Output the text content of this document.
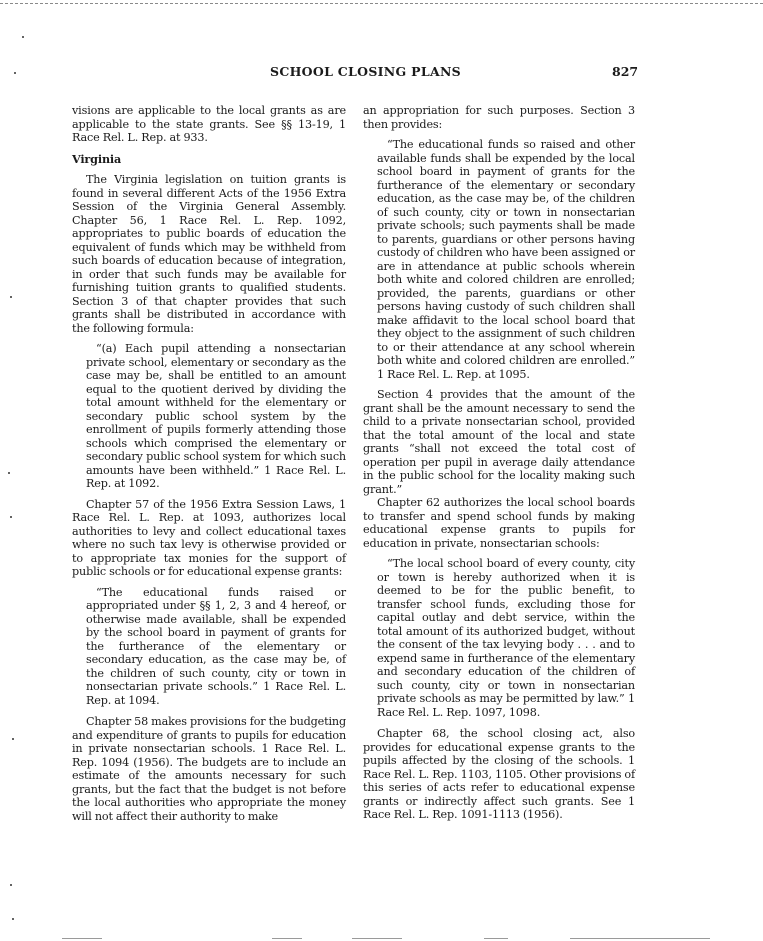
SCHOOL CLOSING PLANS	827

visions are applicable to the local grants as are applicable to the state grants. See §§ 13-19, 1 Race Rel. L. Rep. at 933.

Virginia

The Virginia legislation on tuition grants is found in several different Acts of the 1956 Extra Session of the Virginia General Assembly. Chapter 56, 1 Race Rel. L. Rep. 1092, appropriates to public boards of education the equivalent of funds which may be withheld from such boards of education because of integration, in order that such funds may be available for furnishing tuition grants to qualified students. Section 3 of that chapter provides that such grants shall be distributed in accordance with the following formula:

“(a) Each pupil attending a nonsectarian private school, elementary or secondary as the case may be, shall be entitled to an amount equal to the quotient derived by dividing the total amount withheld for the elementary or secondary public school system by the enrollment of pupils formerly attending those schools which comprised the elementary or secondary public school system for which such amounts have been withheld.” 1 Race Rel. L. Rep. at 1092.

Chapter 57 of the 1956 Extra Session Laws, 1 Race Rel. L. Rep. at 1093, authorizes local authorities to levy and collect educational taxes where no such tax levy is otherwise provided or to appropriate tax monies for the support of public schools or for educational expense grants:

“The educational funds raised or appropriated under §§ 1, 2, 3 and 4 hereof, or otherwise made available, shall be expended by the school board in payment of grants for the furtherance of the elementary or secondary education, as the case may be, of the children of such county, city or town in nonsectarian private schools.” 1 Race Rel. L. Rep. at 1094.

Chapter 58 makes provisions for the budgeting and expenditure of grants to pupils for education in private nonsectarian schools. 1 Race Rel. L. Rep. 1094 (1956). The budgets are to include an estimate of the amounts necessary for such grants, but the fact that the budget is not before the local authorities who appropriate the money will not affect their authority to make

an appropriation for such purposes. Section 3 then provides:

“The educational funds so raised and other available funds shall be expended by the local school board in payment of grants for the furtherance of the elementary or secondary education, as the case may be, of the children of such county, city or town in nonsectarian private schools; such payments shall be made to parents, guardians or other persons having custody of children who have been assigned or are in attendance at public schools wherein both white and colored children are enrolled; provided, the parents, guardians or other persons having custody of such children shall make affidavit to the local school board that they object to the assignment of such children to or their attendance at any school wherein both white and colored children are enrolled.” 1 Race Rel. L. Rep. at 1095.

Section 4 provides that the amount of the grant shall be the amount necessary to send the child to a private nonsectarian school, provided that the total amount of the local and state grants “shall not exceed the total cost of operation per pupil in average daily attendance in the public school for the locality making such grant.”

Chapter 62 authorizes the local school boards to transfer and spend school funds by making educational expense grants to pupils for education in private, nonsectarian schools:

“The local school board of every county, city or town is hereby authorized when it is deemed to be for the public benefit, to transfer school funds, excluding those for capital outlay and debt service, within the total amount of its authorized budget, without the consent of the tax levying body . . . and to expend same in furtherance of the elementary and secondary education of the children of such county, city or town in nonsectarian private schools as may be permitted by law.” 1 Race Rel. L. Rep. 1097, 1098.

Chapter 68, the school closing act, also provides for educational expense grants to the pupils affected by the closing of the schools. 1 Race Rel. L. Rep. 1103, 1105. Other provisions of this series of acts refer to educational expense grants or indirectly affect such grants. See 1 Race Rel. L. Rep. 1091-1113 (1956).
